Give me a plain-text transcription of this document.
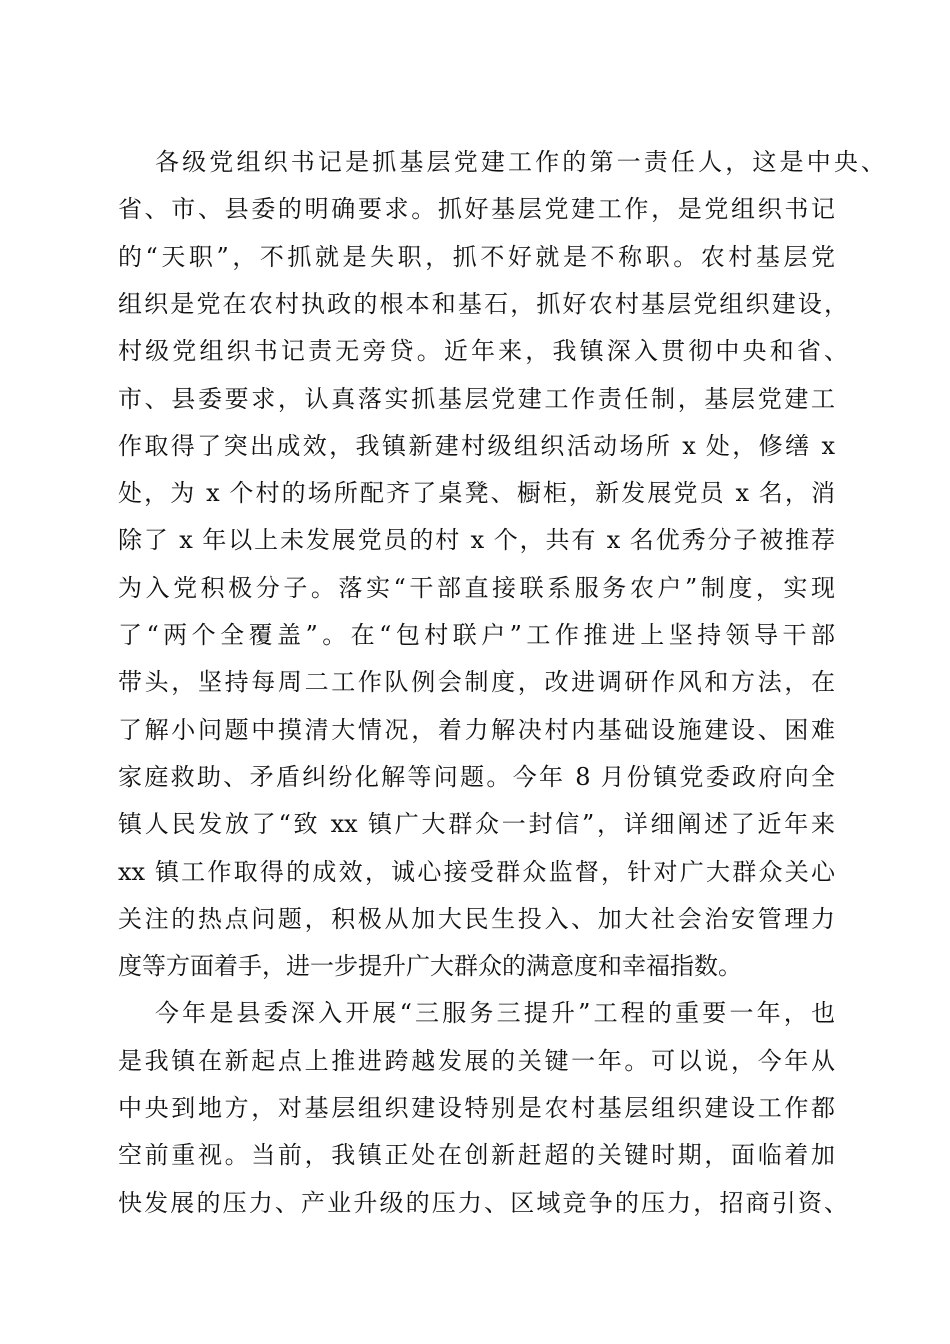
各级党组织书记是抓基层党建工作的第一责任人，这是中央、
省、市、县委的明确要求。抓好基层党建工作，是党组织书记
的“天职”，不抓就是失职，抓不好就是不称职。农村基层党
组织是党在农村执政的根本和基石，抓好农村基层党组织建设，
村级党组织书记责无旁贷。近年来，我镇深入贯彻中央和省、
市、县委要求，认真落实抓基层党建工作责任制，基层党建工
作取得了突出成效，我镇新建村级组织活动场所 x 处，修缮 x
处，为 x 个村的场所配齐了桌凳、橱柜，新发展党员 x 名，消
除了 x 年以上未发展党员的村 x 个，共有 x 名优秀分子被推荐
为入党积极分子。落实“干部直接联系服务农户”制度，实现
了“两个全覆盖”。在“包村联户”工作推进上坚持领导干部
带头，坚持每周二工作队例会制度，改进调研作风和方法，在
了解小问题中摸清大情况，着力解决村内基础设施建设、困难
家庭救助、矛盾纠纷化解等问题。今年 8 月份镇党委政府向全
镇人民发放了“致 xx 镇广大群众一封信”，详细阐述了近年来
xx 镇工作取得的成效，诚心接受群众监督，针对广大群众关心
关注的热点问题，积极从加大民生投入、加大社会治安管理力
度等方面着手，进一步提升广大群众的满意度和幸福指数。
今年是县委深入开展“三服务三提升”工程的重要一年，也
是我镇在新起点上推进跨越发展的关键一年。可以说，今年从
中央到地方，对基层组织建设特别是农村基层组织建设工作都
空前重视。当前，我镇正处在创新赶超的关键时期，面临着加
快发展的压力、产业升级的压力、区域竞争的压力，招商引资、
